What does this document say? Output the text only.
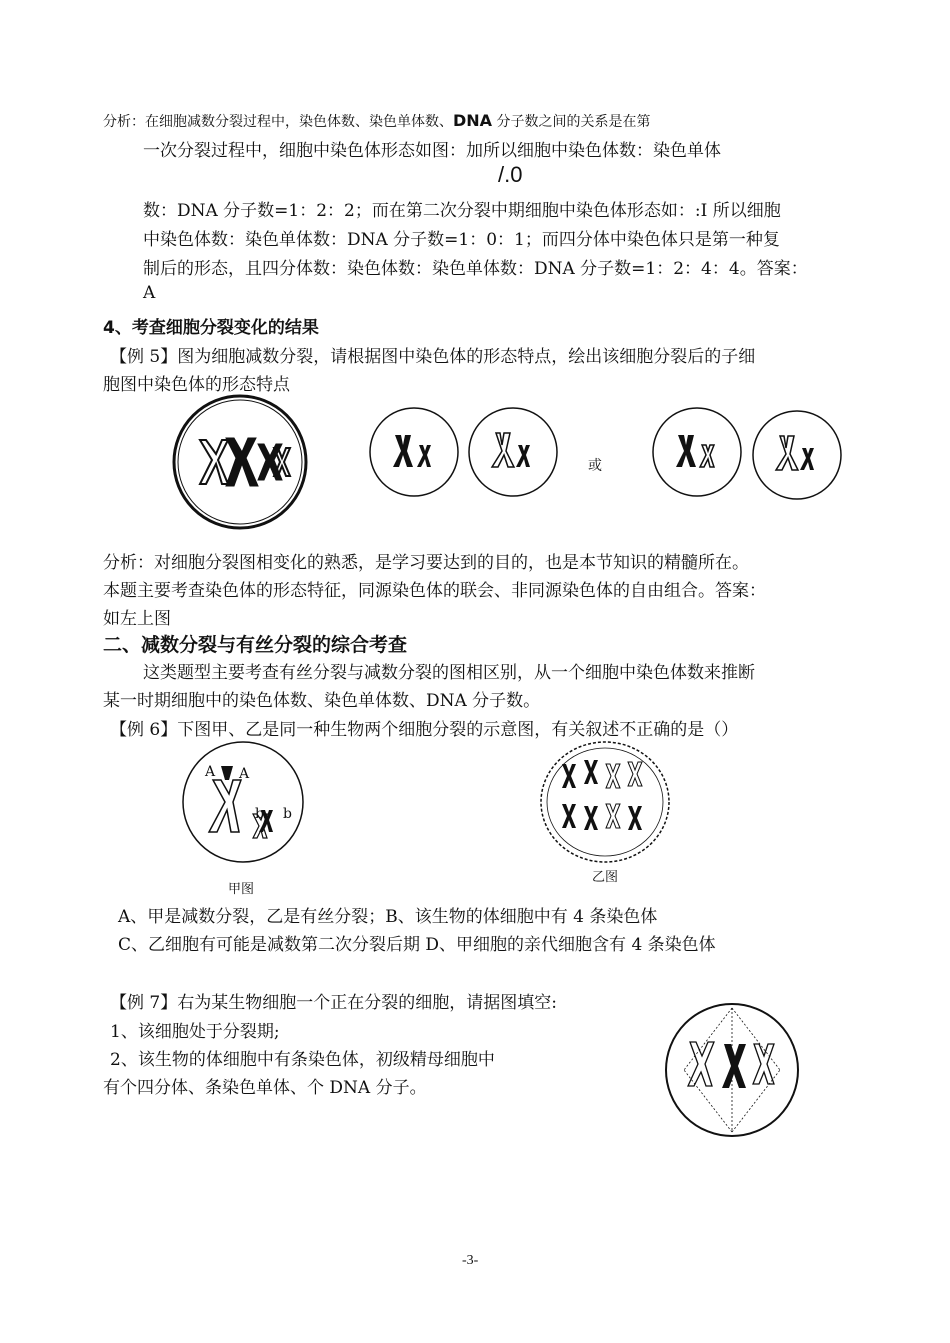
分析：在细胞减数分裂过程中，染色体数、染色单体数、DNA 分子数之间的关系是在第
一次分裂过程中，细胞中染色体形态如图：加所以细胞中染色体数：染色单体
/.0
数：DNA 分子数=1：2：2；而在第二次分裂中期细胞中染色体形态如：:I 所以细胞
中染色体数：染色单体数：DNA 分子数=1：0：1；而四分体中染色体只是第一种复
制后的形态，且四分体数：染色体数：染色单体数：DNA 分子数=1：2：4：4。答案：
A
4、考查细胞分裂变化的结果
【例 5】图为细胞减数分裂，请根据图中染色体的形态特点，绘出该细胞分裂后的子细
胞图中染色体的形态特点
或
分析：对细胞分裂图相变化的熟悉，是学习要达到的目的，也是本节知识的精髓所在。
本题主要考查染色体的形态特征，同源染色体的联会、非同源染色体的自由组合。答案：
如左上图
二、减数分裂与有丝分裂的综合考查
这类题型主要考查有丝分裂与减数分裂的图相区别，从一个细胞中染色体数来推断
某一时期细胞中的染色体数、染色单体数、DNA 分子数。
【例 6】下图甲、乙是同一种生物两个细胞分裂的示意图，有关叙述不正确的是（）
A A
b b
甲图
乙图
A、甲是减数分裂，乙是有丝分裂；B、该生物的体细胞中有 4 条染色体
C、乙细胞有可能是减数第二次分裂后期 D、甲细胞的亲代细胞含有 4 条染色体
【例 7】右为某生物细胞一个正在分裂的细胞，请据图填空:
1、该细胞处于分裂期;
2、该生物的体细胞中有条染色体，初级精母细胞中
有个四分体、条染色单体、个 DNA 分子。
-3-
